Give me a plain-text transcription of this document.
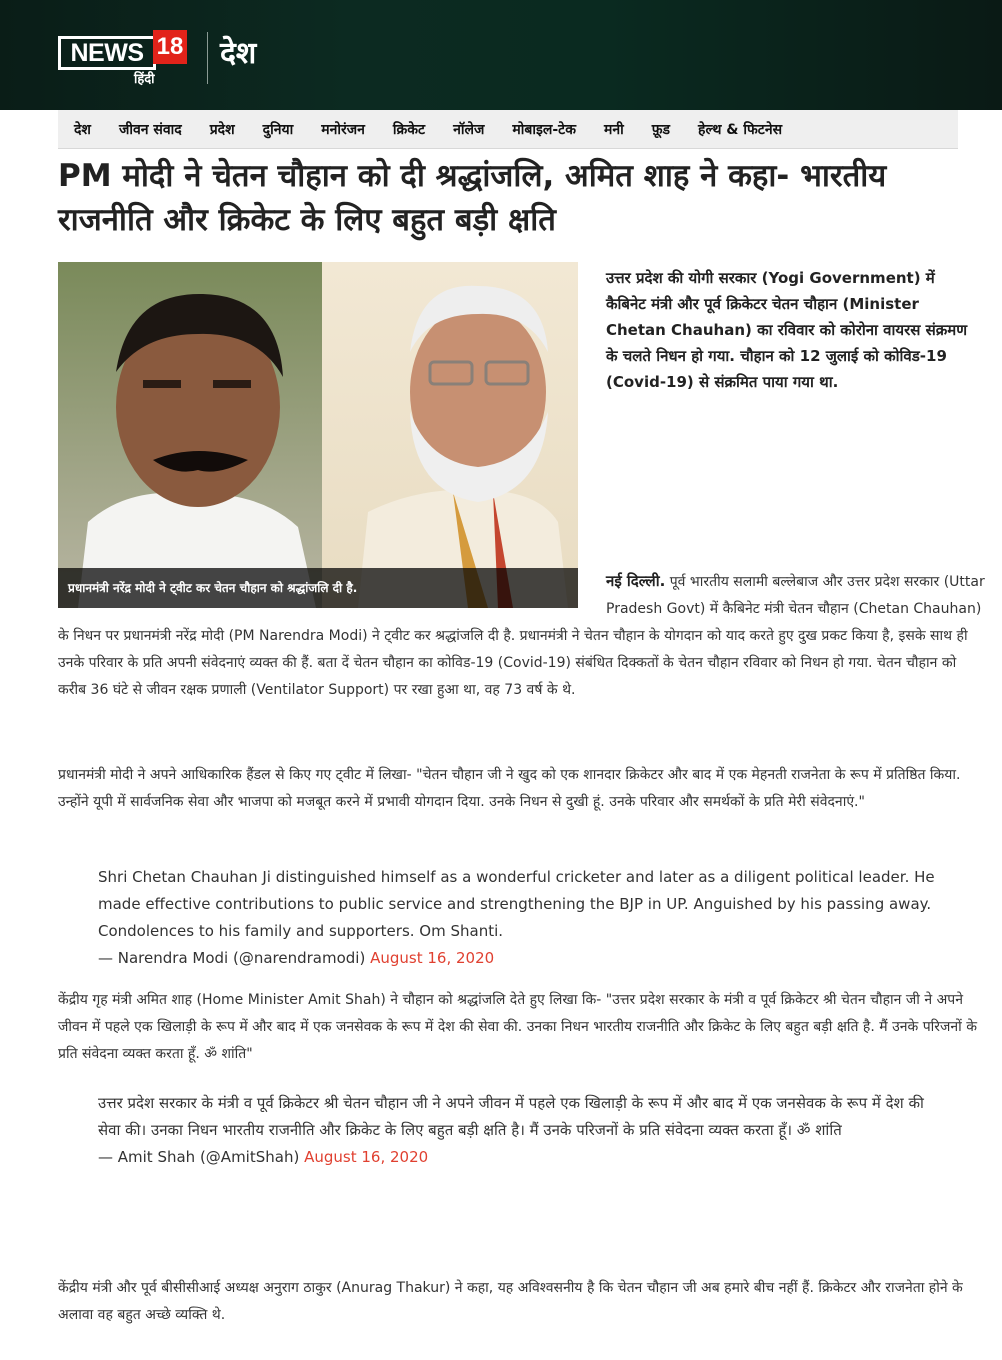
NEWS 18
हिंदी
देश
देश जीवन संवाद प्रदेश दुनिया मनोरंजन क्रिकेट नॉलेज मोबाइल-टेक मनी फ़ूड हेल्थ & फिटनेस
PM मोदी ने चेतन चौहान को दी श्रद्धांजलि, अमित शाह ने कहा- भारतीय राजनीति और क्रिकेट के लिए बहुत बड़ी क्षति
प्रधानमंत्री नरेंद्र मोदी ने ट्वीट कर चेतन चौहान को श्रद्धांजलि दी है.

उत्तर प्रदेश की योगी सरकार (Yogi Government) में कैबिनेट मंत्री और पूर्व क्रिकेटर चेतन चौहान (Minister Chetan Chauhan) का रविवार को कोरोना वायरस संक्रमण के चलते निधन हो गया. चौहान को 12 जुलाई को कोविड-19 (Covid-19) से संक्रमित पाया गया था.

नई दिल्ली. पूर्व भारतीय सलामी बल्लेबाज और उत्तर प्रदेश सरकार (Uttar Pradesh Govt) में कैबिनेट मंत्री चेतन चौहान (Chetan Chauhan) के निधन पर प्रधानमंत्री नरेंद्र मोदी (PM Narendra Modi) ने ट्वीट कर श्रद्धांजलि दी है. प्रधानमंत्री ने चेतन चौहान के योगदान को याद करते हुए दुख प्रकट किया है, इसके साथ ही उनके परिवार के प्रति अपनी संवेदनाएं व्यक्त की हैं. बता दें चेतन चौहान का कोविड-19 (Covid-19) संबंधित दिक्कतों के चेतन चौहान रविवार को निधन हो गया. चेतन चौहान को करीब 36 घंटे से जीवन रक्षक प्रणाली (Ventilator Support) पर रखा हुआ था, वह 73 वर्ष के थे.

प्रधानमंत्री मोदी ने अपने आधिकारिक हैंडल से किए गए ट्वीट में लिखा- "चेतन चौहान जी ने खुद को एक शानदार क्रिकेटर और बाद में एक मेहनती राजनेता के रूप में प्रतिष्ठित किया. उन्होंने यूपी में सार्वजनिक सेवा और भाजपा को मजबूत करने में प्रभावी योगदान दिया. उनके निधन से दुखी हूं. उनके परिवार और समर्थकों के प्रति मेरी संवेदनाएं."

Shri Chetan Chauhan Ji distinguished himself as a wonderful cricketer and later as a diligent political leader. He made effective contributions to public service and strengthening the BJP in UP. Anguished by his passing away. Condolences to his family and supporters. Om Shanti.

— Narendra Modi (@narendramodi) August 16, 2020

केंद्रीय गृह मंत्री अमित शाह (Home Minister Amit Shah) ने चौहान को श्रद्धांजलि देते हुए लिखा कि- "उत्तर प्रदेश सरकार के मंत्री व पूर्व क्रिकेटर श्री चेतन चौहान जी ने अपने जीवन में पहले एक खिलाड़ी के रूप में और बाद में एक जनसेवक के रूप में देश की सेवा की. उनका निधन भारतीय राजनीति और क्रिकेट के लिए बहुत बड़ी क्षति है. मैं उनके परिजनों के प्रति संवेदना व्यक्त करता हूँ. ॐ शांति"

उत्तर प्रदेश सरकार के मंत्री व पूर्व क्रिकेटर श्री चेतन चौहान जी ने अपने जीवन में पहले एक खिलाड़ी के रूप में और बाद में एक जनसेवक के रूप में देश की सेवा की। उनका निधन भारतीय राजनीति और क्रिकेट के लिए बहुत बड़ी क्षति है। मैं उनके परिजनों के प्रति संवेदना व्यक्त करता हूँ। ॐ शांति

— Amit Shah (@AmitShah) August 16, 2020

केंद्रीय मंत्री और पूर्व बीसीसीआई अध्यक्ष अनुराग ठाकुर (Anurag Thakur) ने कहा, यह अविश्वसनीय है कि चेतन चौहान जी अब हमारे बीच नहीं हैं. क्रिकेटर और राजनेता होने के अलावा वह बहुत अच्छे व्यक्ति थे.
